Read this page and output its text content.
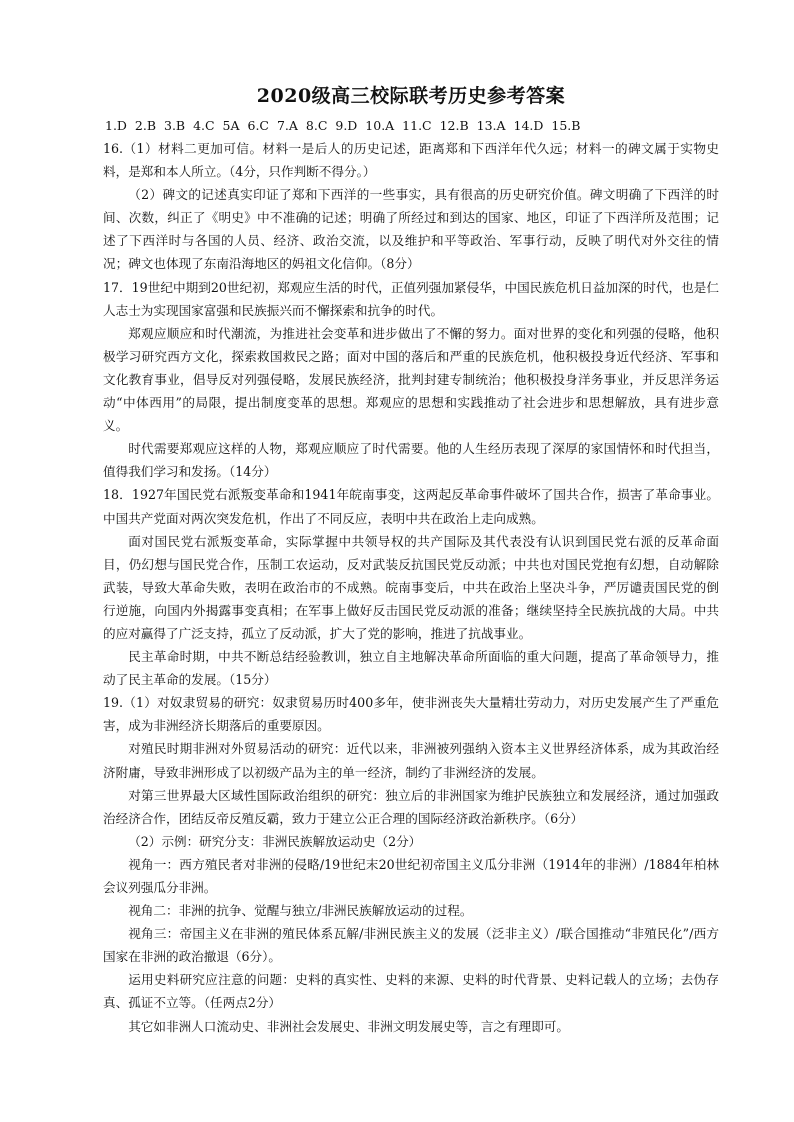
2020级高三校际联考历史参考答案
1.D 2.B 3.B 4.C 5A 6.C 7.A 8.C 9.D 10.A 11.C 12.B 13.A 14.D 15.B

16.（1）材料二更加可信。材料一是后人的历史记述，距离郑和下西洋年代久远；材料一的碑文属于实物史料，是郑和本人所立。（4分，只作判断不得分。）

（2）碑文的记述真实印证了郑和下西洋的一些事实，具有很高的历史研究价值。碑文明确了下西洋的时间、次数，纠正了《明史》中不准确的记述；明确了所经过和到达的国家、地区，印证了下西洋所及范围；记述了下西洋时与各国的人员、经济、政治交流，以及维护和平等政治、军事行动，反映了明代对外交往的情况；碑文也体现了东南沿海地区的妈祖文化信仰。（8分）

17．19世纪中期到20世纪初，郑观应生活的时代，正值列强加紧侵华，中国民族危机日益加深的时代，也是仁人志士为实现国家富强和民族振兴而不懈探索和抗争的时代。

郑观应顺应和时代潮流，为推进社会变革和进步做出了不懈的努力。面对世界的变化和列强的侵略，他积极学习研究西方文化，探索救国救民之路；面对中国的落后和严重的民族危机，他积极投身近代经济、军事和文化教育事业，倡导反对列强侵略，发展民族经济，批判封建专制统治；他积极投身洋务事业，并反思洋务运动“中体西用”的局限，提出制度变革的思想。郑观应的思想和实践推动了社会进步和思想解放，具有进步意义。

时代需要郑观应这样的人物，郑观应顺应了时代需要。他的人生经历表现了深厚的家国情怀和时代担当，值得我们学习和发扬。（14分）

18．1927年国民党右派叛变革命和1941年皖南事变，这两起反革命事件破坏了国共合作，损害了革命事业。中国共产党面对两次突发危机，作出了不同反应，表明中共在政治上走向成熟。

面对国民党右派叛变革命，实际掌握中共领导权的共产国际及其代表没有认识到国民党右派的反革命面目，仍幻想与国民党合作，压制工农运动，反对武装反抗国民党反动派；中共也对国民党抱有幻想，自动解除武装，导致大革命失败，表明在政治市的不成熟。皖南事变后，中共在政治上坚决斗争，严厉谴责国民党的倒行逆施，向国内外揭露事变真相；在军事上做好反击国民党反动派的准备；继续坚持全民族抗战的大局。中共的应对赢得了广泛支持，孤立了反动派，扩大了党的影响，推进了抗战事业。

民主革命时期，中共不断总结经验教训，独立自主地解决革命所面临的重大问题，提高了革命领导力，推动了民主革命的发展。（15分）

19.（1）对奴隶贸易的研究：奴隶贸易历时400多年，使非洲丧失大量精壮劳动力，对历史发展产生了严重危害，成为非洲经济长期落后的重要原因。

对殖民时期非洲对外贸易活动的研究：近代以来，非洲被列强纳入资本主义世界经济体系，成为其政治经济附庸，导致非洲形成了以初级产品为主的单一经济，制约了非洲经济的发展。

对第三世界最大区域性国际政治组织的研究：独立后的非洲国家为维护民族独立和发展经济，通过加强政治经济合作，团结反帝反殖反霸，致力于建立公正合理的国际经济政治新秩序。（6分）

（2）示例：研究分支：非洲民族解放运动史（2分）

视角一：西方殖民者对非洲的侵略/19世纪末20世纪初帝国主义瓜分非洲（1914年的非洲）/1884年柏林会议列强瓜分非洲。

视角二：非洲的抗争、觉醒与独立/非洲民族解放运动的过程。

视角三：帝国主义在非洲的殖民体系瓦解/非洲民族主义的发展（泛非主义）/联合国推动“非殖民化”/西方国家在非洲的政治撤退（6分）。

运用史料研究应注意的问题：史料的真实性、史料的来源、史料的时代背景、史料记载人的立场；去伪存真、孤证不立等。（任两点2分）

其它如非洲人口流动史、非洲社会发展史、非洲文明发展史等，言之有理即可。
